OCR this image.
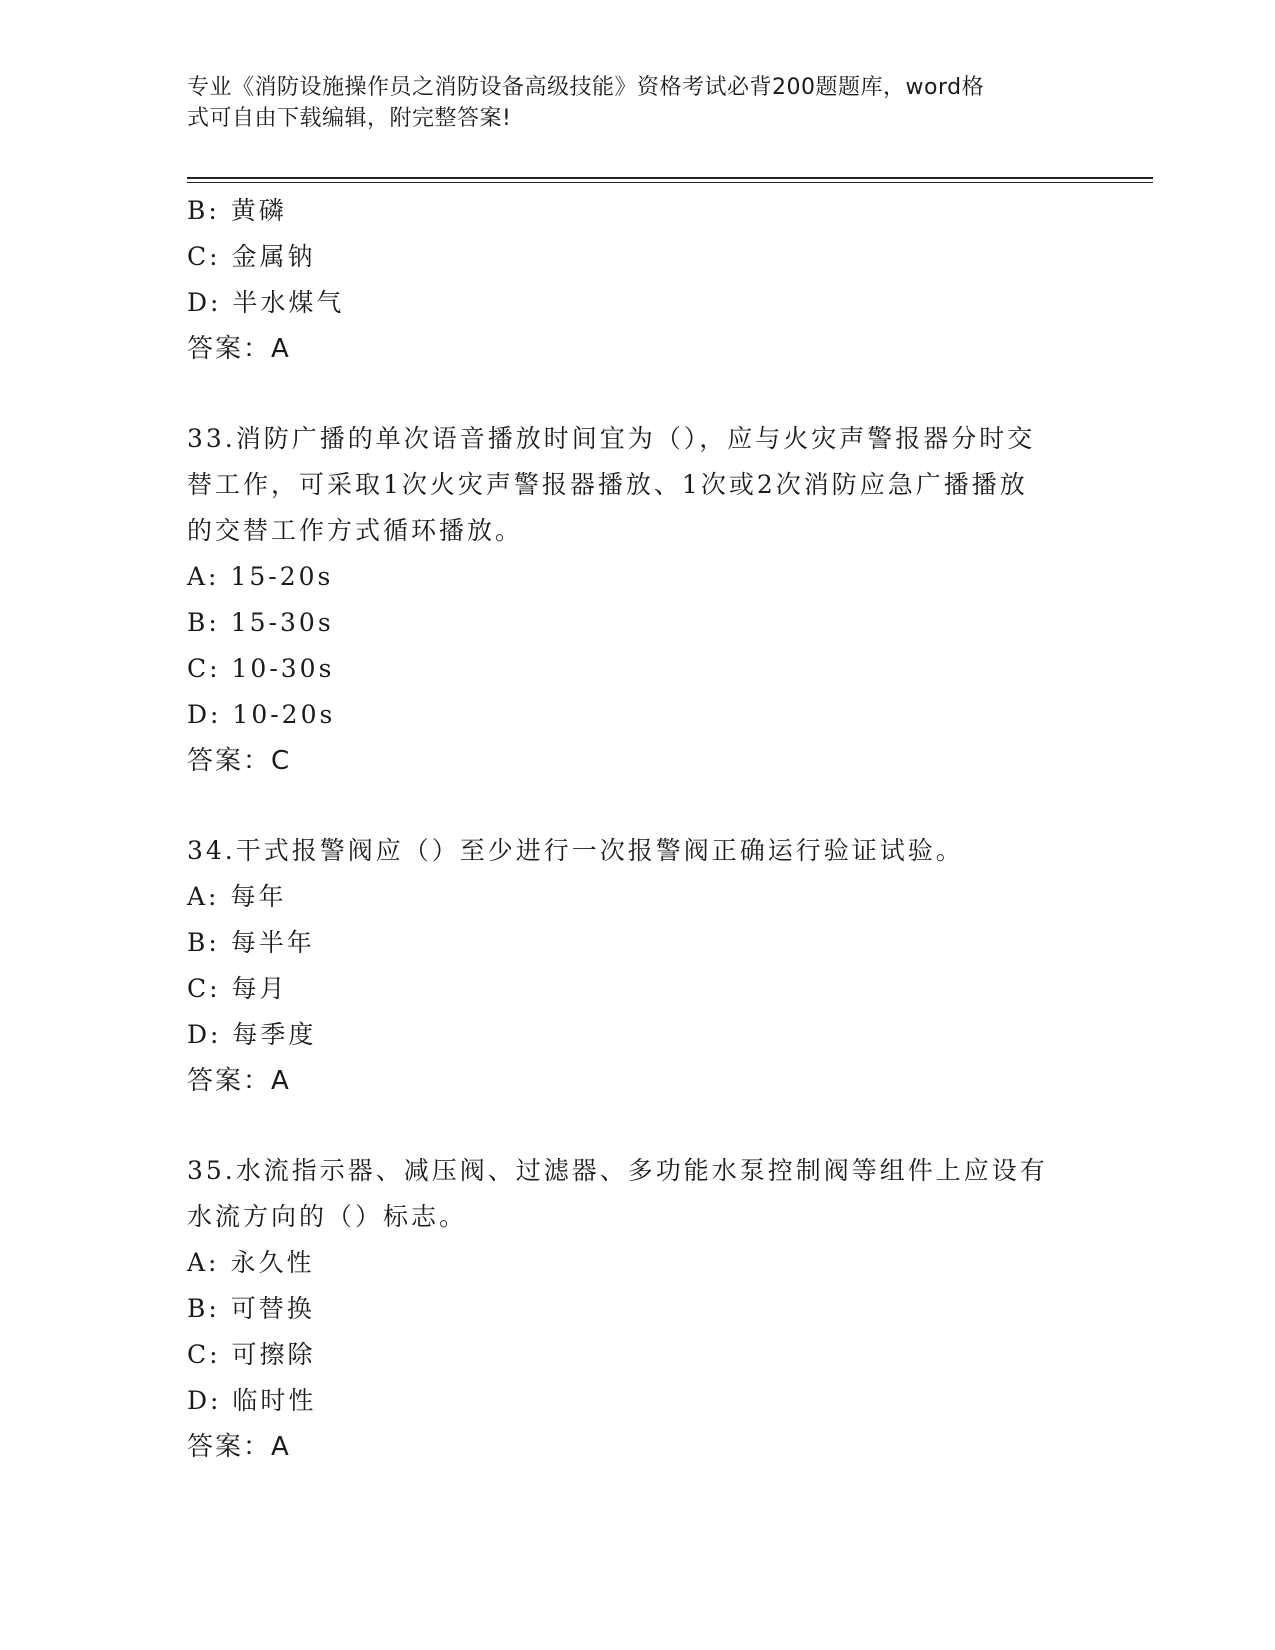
专业《消防设施操作员之消防设备高级技能》资格考试必背200题题库，word格
式可自由下载编辑，附完整答案!
B: 黄磷
C: 金属钠
D: 半水煤气
答案：A
33.消防广播的单次语音播放时间宜为（），应与火灾声警报器分时交
替工作，可采取1次火灾声警报器播放、1次或2次消防应急广播播放
的交替工作方式循环播放。
A: 15-20s
B: 15-30s
C: 10-30s
D: 10-20s
答案：C
34.干式报警阀应（）至少进行一次报警阀正确运行验证试验。
A: 每年
B: 每半年
C: 每月
D: 每季度
答案：A
35.水流指示器、减压阀、过滤器、多功能水泵控制阀等组件上应设有
水流方向的（）标志。
A: 永久性
B: 可替换
C: 可擦除
D: 临时性
答案：A
